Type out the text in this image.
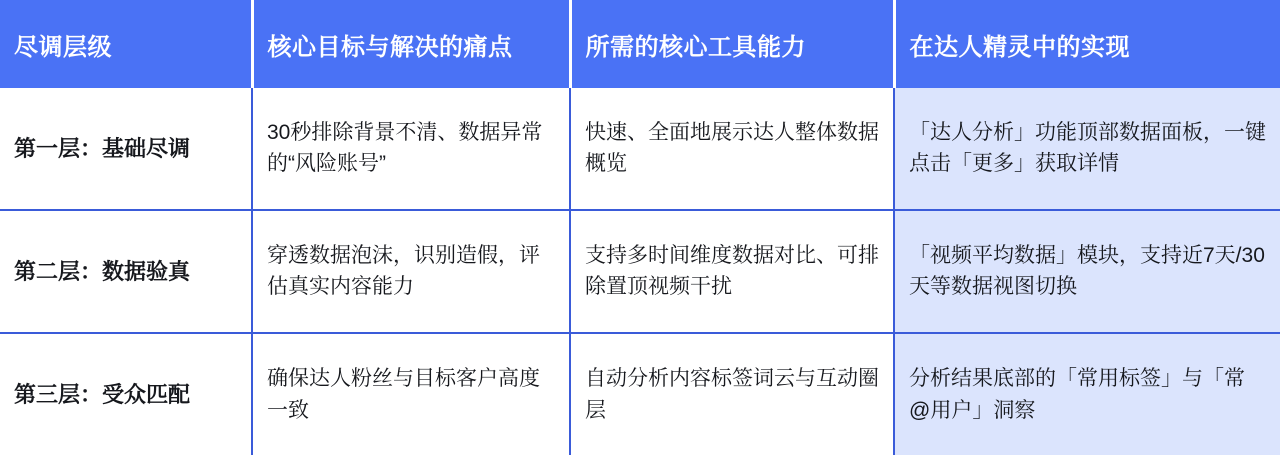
尽调层级	核心目标与解决的痛点	所需的核心工具能力	在达人精灵中的实现
第一层：基础尽调	30秒排除背景不清、数据异常的“风险账号”	快速、全面地展示达人整体数据概览	「达人分析」功能顶部数据面板，一键点击「更多」获取详情
第二层：数据验真	穿透数据泡沫，识别造假，评估真实内容能力	支持多时间维度数据对比、可排除置顶视频干扰	「视频平均数据」模块，支持近7天/30天等数据视图切换
第三层：受众匹配	确保达人粉丝与目标客户高度一致	自动分析内容标签词云与互动圈层	分析结果底部的「常用标签」与「常@用户」洞察
